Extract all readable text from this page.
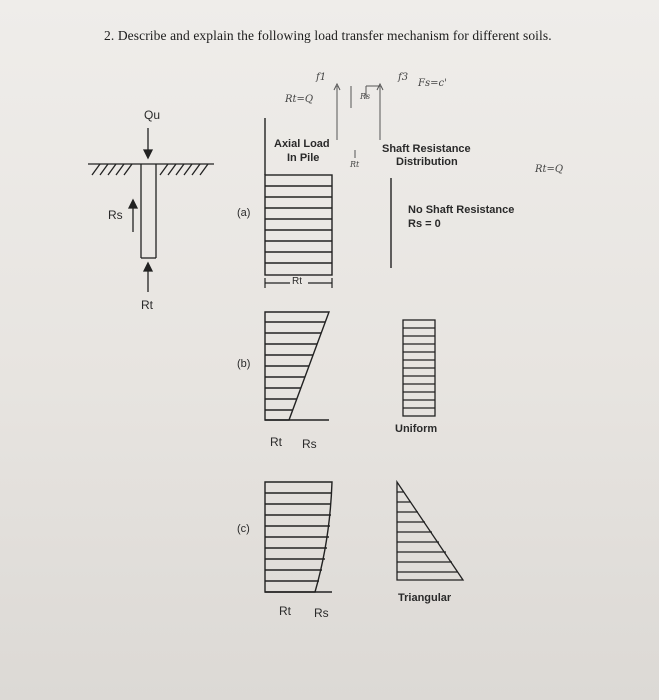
2. Describe and explain the following load transfer mechanism for different soils.
Qu
Rs
Rt
Axial Load
In Pile
Shaft Resistance
Distribution
(a)
Rt
No Shaft Resistance
Rs = 0
(b)
Rt Rs
Uniform
(c)
Rt Rs
Triangular
Rt=Q
Rt=Q
Fs=c'
f1	f3
Rt
Rs
